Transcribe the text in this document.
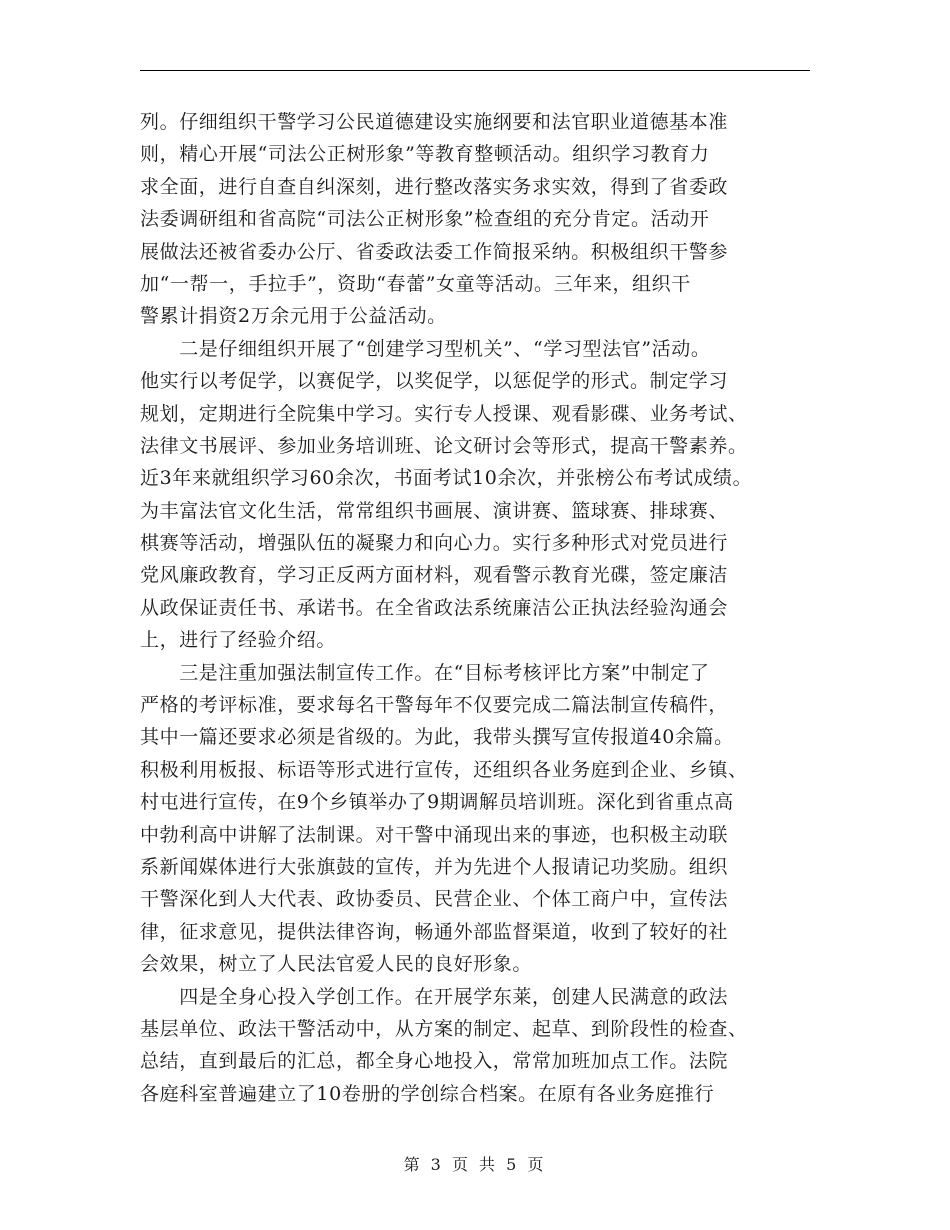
列。仔细组织干警学习公民道德建设实施纲要和法官职业道德基本准
则，精心开展“司法公正树形象”等教育整顿活动。组织学习教育力
求全面，进行自查自纠深刻，进行整改落实务求实效，得到了省委政
法委调研组和省高院“司法公正树形象”检查组的充分肯定。活动开
展做法还被省委办公厅、省委政法委工作简报采纳。积极组织干警参
加“一帮一，手拉手”，资助“春蕾”女童等活动。三年来，组织干
警累计捐资2万余元用于公益活动。
　　二是仔细组织开展了“创建学习型机关”、“学习型法官”活动。
他实行以考促学，以赛促学，以奖促学，以惩促学的形式。制定学习
规划，定期进行全院集中学习。实行专人授课、观看影碟、业务考试、
法律文书展评、参加业务培训班、论文研讨会等形式，提高干警素养。
近3年来就组织学习60余次，书面考试10余次，并张榜公布考试成绩。
为丰富法官文化生活，常常组织书画展、演讲赛、篮球赛、排球赛、
棋赛等活动，增强队伍的凝聚力和向心力。实行多种形式对党员进行
党风廉政教育，学习正反两方面材料，观看警示教育光碟，签定廉洁
从政保证责任书、承诺书。在全省政法系统廉洁公正执法经验沟通会
上，进行了经验介绍。
　　三是注重加强法制宣传工作。在“目标考核评比方案”中制定了
严格的考评标准，要求每名干警每年不仅要完成二篇法制宣传稿件，
其中一篇还要求必须是省级的。为此，我带头撰写宣传报道40余篇。
积极利用板报、标语等形式进行宣传，还组织各业务庭到企业、乡镇、
村屯进行宣传，在9个乡镇举办了9期调解员培训班。深化到省重点高
中勃利高中讲解了法制课。对干警中涌现出来的事迹，也积极主动联
系新闻媒体进行大张旗鼓的宣传，并为先进个人报请记功奖励。组织
干警深化到人大代表、政协委员、民营企业、个体工商户中，宣传法
律，征求意见，提供法律咨询，畅通外部监督渠道，收到了较好的社
会效果，树立了人民法官爱人民的良好形象。
　　四是全身心投入学创工作。在开展学东莱，创建人民满意的政法
基层单位、政法干警活动中，从方案的制定、起草、到阶段性的检查、
总结，直到最后的汇总，都全身心地投入，常常加班加点工作。法院
各庭科室普遍建立了10卷册的学创综合档案。在原有各业务庭推行
第 3 页 共 5 页
